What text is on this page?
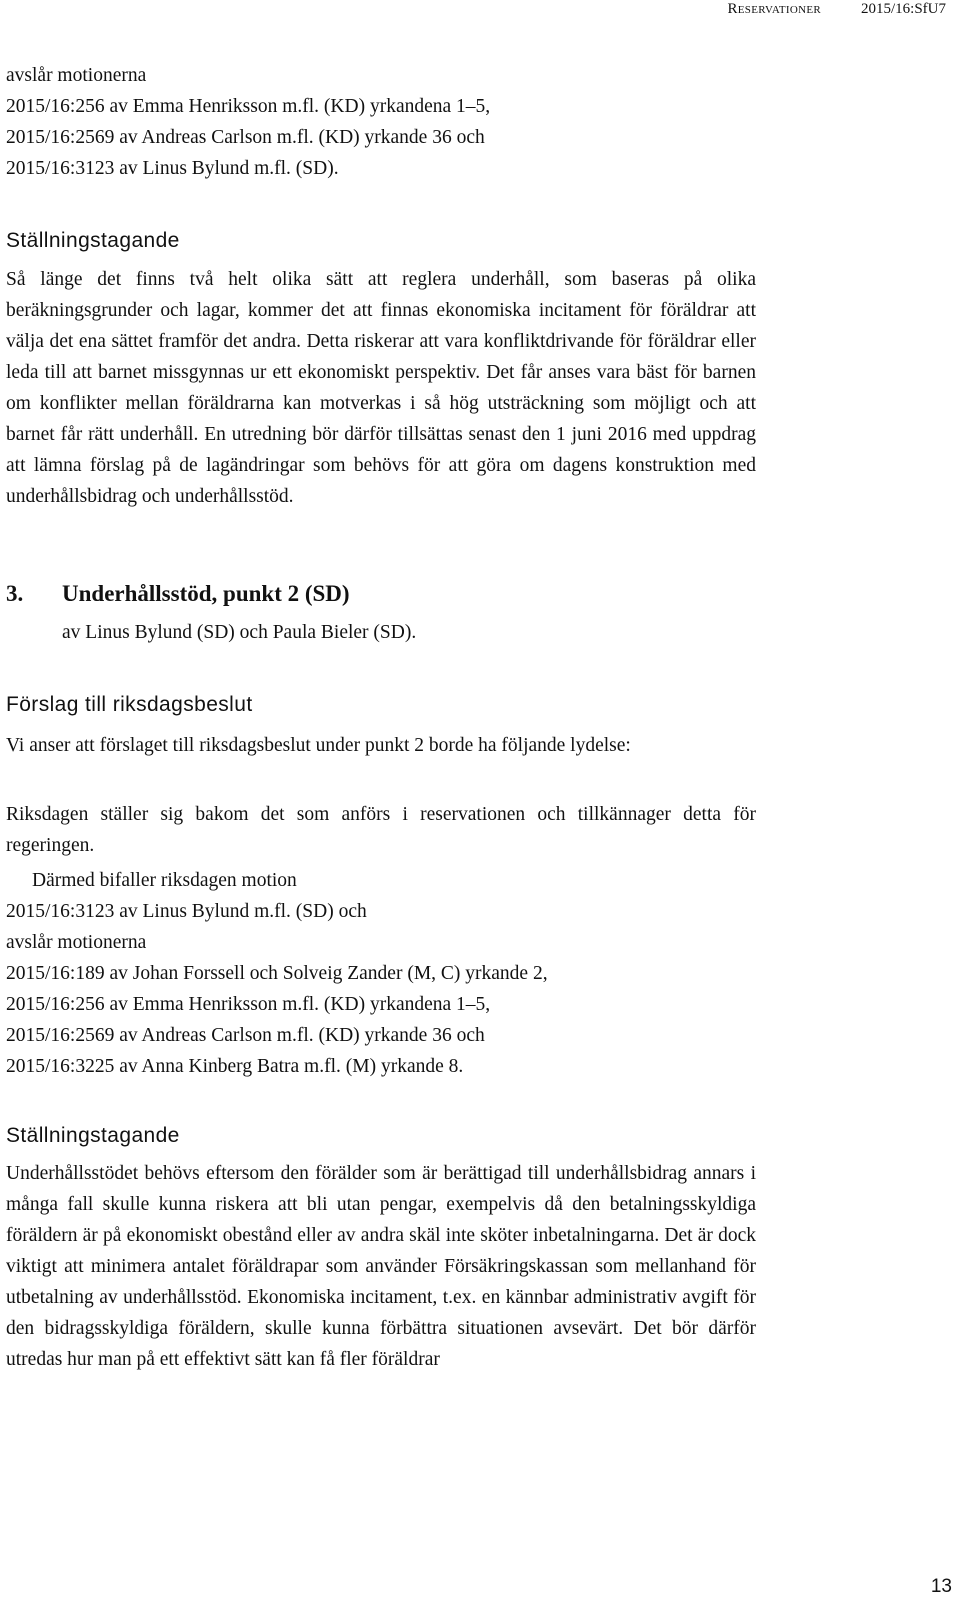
Reservationer	2015/16:SfU7
avslår motionerna
2015/16:256 av Emma Henriksson m.fl. (KD) yrkandena 1–5,
2015/16:2569 av Andreas Carlson m.fl. (KD) yrkande 36 och
2015/16:3123 av Linus Bylund m.fl. (SD).
Ställningstagande

Så länge det finns två helt olika sätt att reglera underhåll, som baseras på olika beräkningsgrunder och lagar, kommer det att finnas ekonomiska incitament för föräldrar att välja det ena sättet framför det andra. Detta riskerar att vara konfliktdrivande för föräldrar eller leda till att barnet missgynnas ur ett ekonomiskt perspektiv. Det får anses vara bäst för barnen om konflikter mellan föräldrarna kan motverkas i så hög utsträckning som möjligt och att barnet får rätt underhåll. En utredning bör därför tillsättas senast den 1 juni 2016 med uppdrag att lämna förslag på de lagändringar som behövs för att göra om dagens konstruktion med underhållsbidrag och underhållsstöd.

3. Underhållsstöd, punkt 2 (SD)
av Linus Bylund (SD) och Paula Bieler (SD).
Förslag till riksdagsbeslut

Vi anser att förslaget till riksdagsbeslut under punkt 2 borde ha följande lydelse:

Riksdagen ställer sig bakom det som anförs i reservationen och tillkännager detta för regeringen.

Därmed bifaller riksdagen motion
2015/16:3123 av Linus Bylund m.fl. (SD) och
avslår motionerna
2015/16:189 av Johan Forssell och Solveig Zander (M, C) yrkande 2,
2015/16:256 av Emma Henriksson m.fl. (KD) yrkandena 1–5,
2015/16:2569 av Andreas Carlson m.fl. (KD) yrkande 36 och
2015/16:3225 av Anna Kinberg Batra m.fl. (M) yrkande 8.
Ställningstagande

Underhållsstödet behövs eftersom den förälder som är berättigad till underhållsbidrag annars i många fall skulle kunna riskera att bli utan pengar, exempelvis då den betalningsskyldiga föräldern är på ekonomiskt obestånd eller av andra skäl inte sköter inbetalningarna. Det är dock viktigt att minimera antalet föräldrapar som använder Försäkringskassan som mellanhand för utbetalning av underhållsstöd. Ekonomiska incitament, t.ex. en kännbar administrativ avgift för den bidragsskyldiga föräldern, skulle kunna förbättra situationen avsevärt. Det bör därför utredas hur man på ett effektivt sätt kan få fler föräldrar

13
